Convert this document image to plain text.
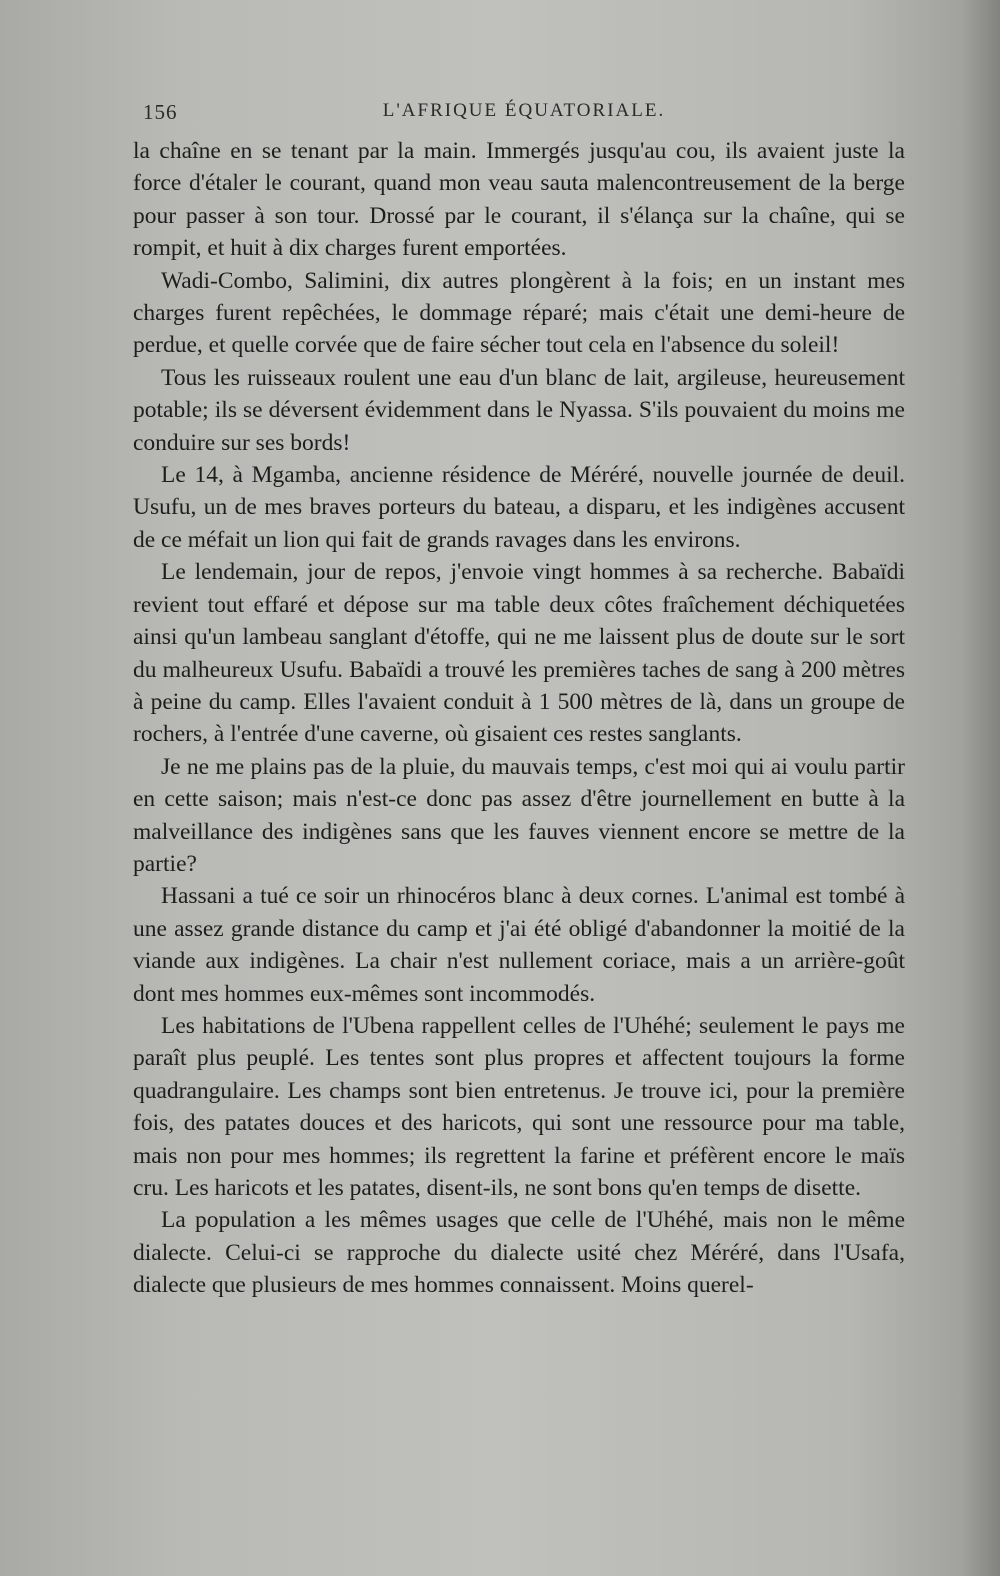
156	L'AFRIQUE ÉQUATORIALE.

la chaîne en se tenant par la main. Immergés jusqu'au cou, ils avaient juste la force d'étaler le courant, quand mon veau sauta malencontreusement de la berge pour passer à son tour. Drossé par le courant, il s'élança sur la chaîne, qui se rompit, et huit à dix charges furent emportées.

Wadi-Combo, Salimini, dix autres plongèrent à la fois; en un instant mes charges furent repêchées, le dommage réparé; mais c'était une demi-heure de perdue, et quelle corvée que de faire sécher tout cela en l'absence du soleil!

Tous les ruisseaux roulent une eau d'un blanc de lait, argileuse, heureusement potable; ils se déversent évidemment dans le Nyassa. S'ils pouvaient du moins me conduire sur ses bords!

Le 14, à Mgamba, ancienne résidence de Méréré, nouvelle journée de deuil. Usufu, un de mes braves porteurs du bateau, a disparu, et les indigènes accusent de ce méfait un lion qui fait de grands ravages dans les environs.

Le lendemain, jour de repos, j'envoie vingt hommes à sa recherche. Babaïdi revient tout effaré et dépose sur ma table deux côtes fraîchement déchiquetées ainsi qu'un lambeau sanglant d'étoffe, qui ne me laissent plus de doute sur le sort du malheureux Usufu. Babaïdi a trouvé les premières taches de sang à 200 mètres à peine du camp. Elles l'avaient conduit à 1 500 mètres de là, dans un groupe de rochers, à l'entrée d'une caverne, où gisaient ces restes sanglants.

Je ne me plains pas de la pluie, du mauvais temps, c'est moi qui ai voulu partir en cette saison; mais n'est-ce donc pas assez d'être journellement en butte à la malveillance des indigènes sans que les fauves viennent encore se mettre de la partie?

Hassani a tué ce soir un rhinocéros blanc à deux cornes. L'animal est tombé à une assez grande distance du camp et j'ai été obligé d'abandonner la moitié de la viande aux indigènes. La chair n'est nullement coriace, mais a un arrière-goût dont mes hommes eux-mêmes sont incommodés.

Les habitations de l'Ubena rappellent celles de l'Uhéhé; seulement le pays me paraît plus peuplé. Les tentes sont plus propres et affectent toujours la forme quadrangulaire. Les champs sont bien entretenus. Je trouve ici, pour la première fois, des patates douces et des haricots, qui sont une ressource pour ma table, mais non pour mes hommes; ils regrettent la farine et préfèrent encore le maïs cru. Les haricots et les patates, disent-ils, ne sont bons qu'en temps de disette.

La population a les mêmes usages que celle de l'Uhéhé, mais non le même dialecte. Celui-ci se rapproche du dialecte usité chez Méréré, dans l'Usafa, dialecte que plusieurs de mes hommes connaissent. Moins querel-
